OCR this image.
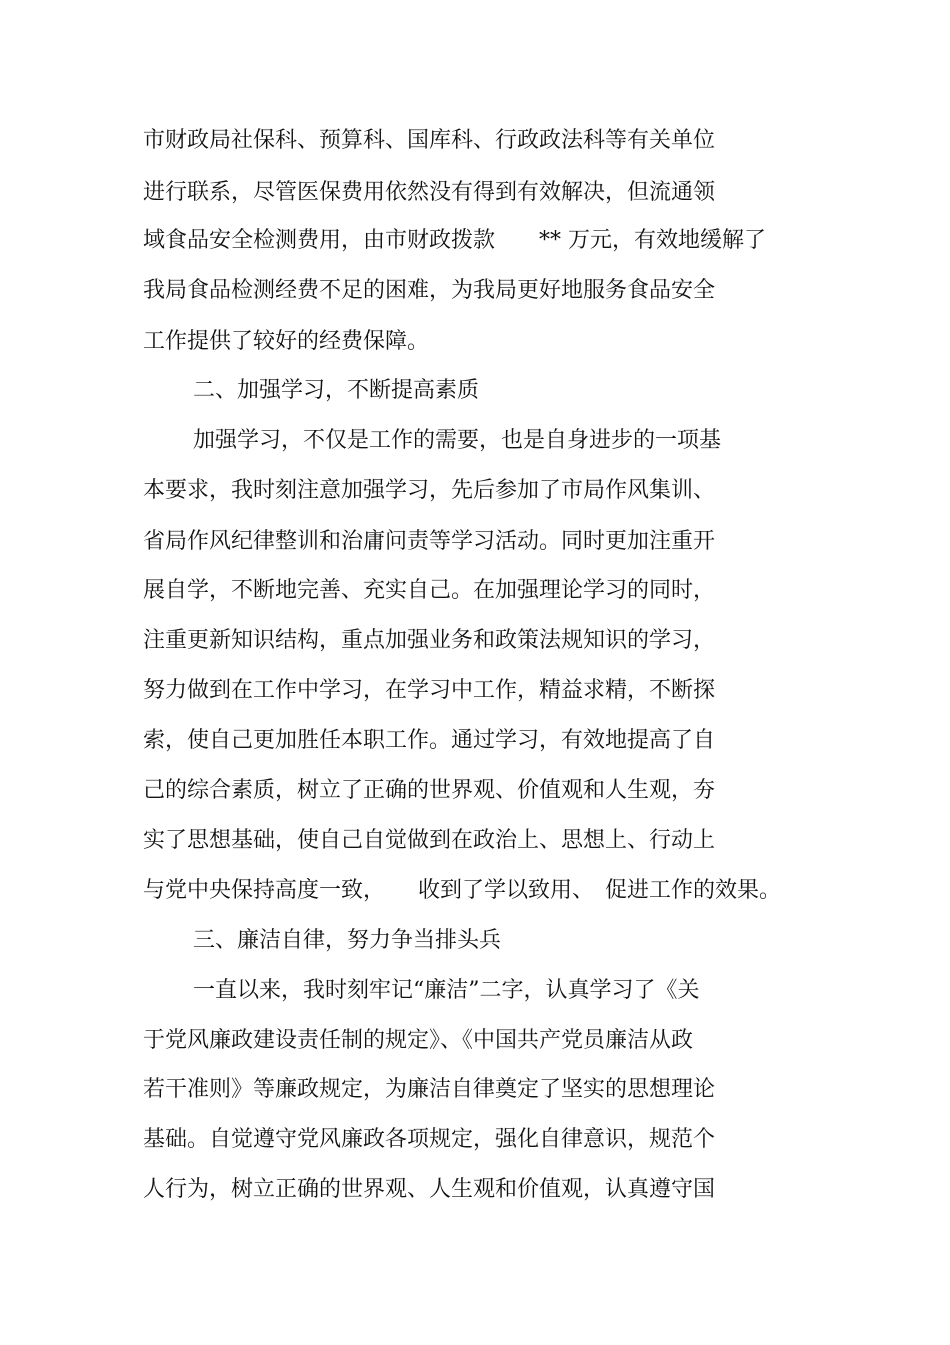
市财政局社保科、预算科、国库科、行政政法科等有关单位
进行联系，尽管医保费用依然没有得到有效解决，但流通领
域食品安全检测费用，由市财政拨款　　** 万元，有效地缓解了
我局食品检测经费不足的困难，为我局更好地服务食品安全
工作提供了较好的经费保障。
二、加强学习，不断提高素质
加强学习，不仅是工作的需要，也是自身进步的一项基
本要求，我时刻注意加强学习，先后参加了市局作风集训、
省局作风纪律整训和治庸问责等学习活动。同时更加注重开
展自学，不断地完善、充实自己。在加强理论学习的同时，
注重更新知识结构，重点加强业务和政策法规知识的学习，
努力做到在工作中学习，在学习中工作，精益求精，不断探
索，使自己更加胜任本职工作。通过学习，有效地提高了自
己的综合素质，树立了正确的世界观、价值观和人生观，夯
实了思想基础，使自己自觉做到在政治上、思想上、行动上
与党中央保持高度一致，　　收到了学以致用、　促进工作的效果。
三、廉洁自律，努力争当排头兵
一直以来，我时刻牢记“廉洁”二字，认真学习了《关
于党风廉政建设责任制的规定》、《中国共产党员廉洁从政
若干准则》等廉政规定，为廉洁自律奠定了坚实的思想理论
基础。自觉遵守党风廉政各项规定，强化自律意识，规范个
人行为，树立正确的世界观、人生观和价值观，认真遵守国
